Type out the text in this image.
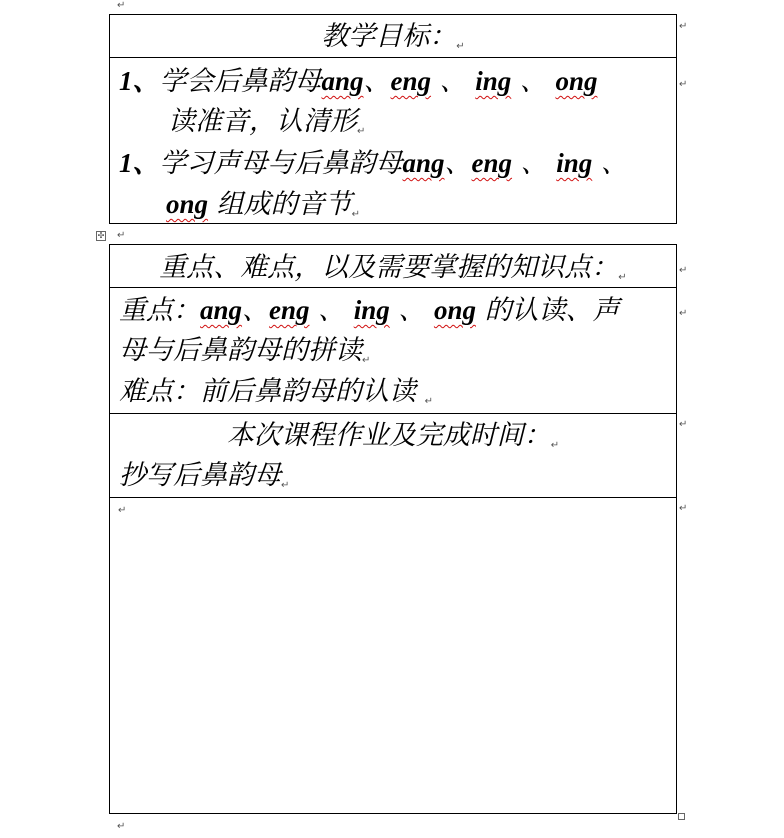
↵
教学目标：↵
1、学会后鼻韵母ang、eng 、 ing 、 ong
读准音，认清形↵
1、学习声母与后鼻韵母ang、eng 、 ing 、
ong 组成的音节↵
↵
↵
✣ ↵
重点、难点，以及需要掌握的知识点：↵
重点：ang、eng 、 ing 、 ong 的认读、声
母与后鼻韵母的拼读↵
难点：前后鼻韵母的认读 ↵
本次课程作业及完成时间：↵
抄写后鼻韵母↵
↵
↵
↵
↵
↵
↵
